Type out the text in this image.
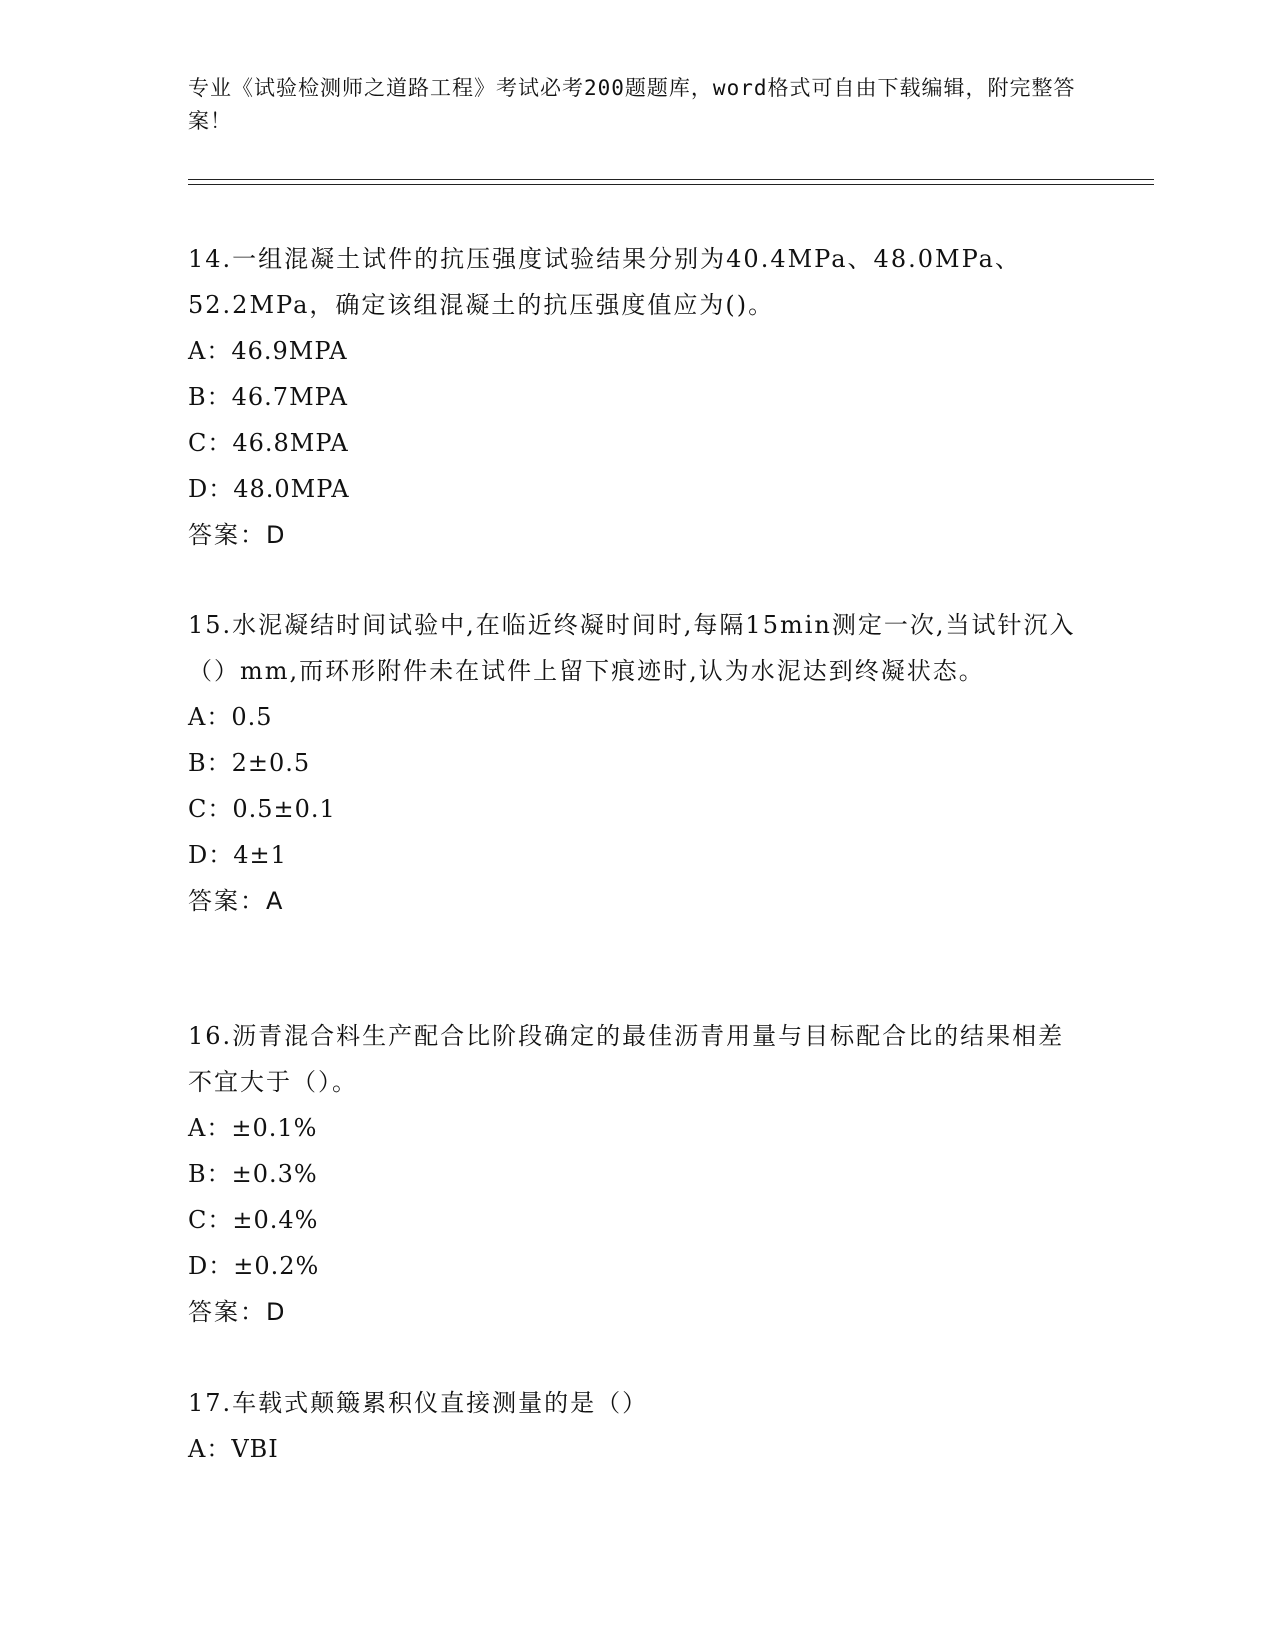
专业《试验检测师之道路工程》考试必考200题题库，word格式可自由下载编辑，附完整答案！

14.一组混凝土试件的抗压强度试验结果分别为40.4MPa、48.0MPa、52.2MPa，确定该组混凝土的抗压强度值应为()。

A：46.9MPA
B：46.7MPA
C：46.8MPA
D：48.0MPA
答案：D

15.水泥凝结时间试验中,在临近终凝时间时,每隔15min测定一次,当试针沉入（）mm,而环形附件未在试件上留下痕迹时,认为水泥达到终凝状态。

A：0.5
B：2±0.5
C：0.5±0.1
D：4±1
答案：A

16.沥青混合料生产配合比阶段确定的最佳沥青用量与目标配合比的结果相差不宜大于（）。

A：±0.1%
B：±0.3%
C：±0.4%
D：±0.2%
答案：D

17.车载式颠簸累积仪直接测量的是（）

A：VBI
